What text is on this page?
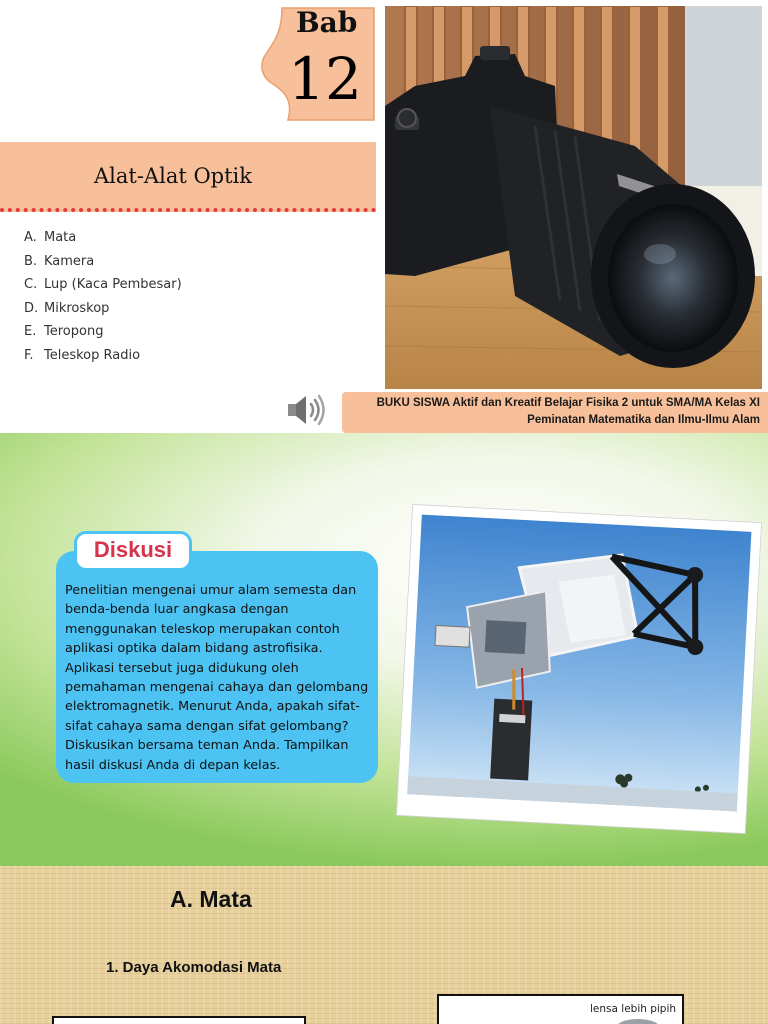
Bab
12
Alat-Alat Optik
A. Mata
B. Kamera
C. Lup (Kaca Pembesar)
D. Mikroskop
E. Teropong
F. Teleskop Radio
BUKU SISWA Aktif dan Kreatif Belajar Fisika 2 untuk SMA/MA Kelas XI
Peminatan Matematika dan Ilmu-Ilmu Alam
Diskusi

Penelitian mengenai umur alam semesta dan
benda-benda luar angkasa dengan
menggunakan teleskop merupakan contoh
aplikasi optika dalam bidang astrofisika.
Aplikasi tersebut juga didukung oleh
pemahaman mengenai cahaya dan gelombang
elektromagnetik. Menurut Anda, apakah sifat-
sifat cahaya sama dengan sifat gelombang?
Diskusikan bersama teman Anda. Tampilkan
hasil diskusi Anda di depan kelas.

A. Mata
1. Daya Akomodasi Mata
lensa lebih pipih
